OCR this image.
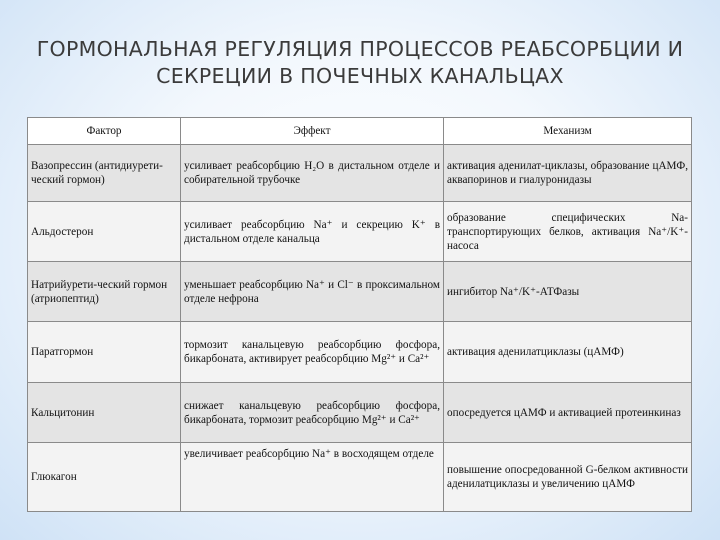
ГОРМОНАЛЬНАЯ РЕГУЛЯЦИЯ ПРОЦЕССОВ РЕАБСОРБЦИИ И
СЕКРЕЦИИ В ПОЧЕЧНЫХ КАНАЛЬЦАХ
Фактор	Эффект	Механизм
Вазопрессин (антидиурети-ческий гормон)	усиливает реабсорбцию H₂O в дистальном отделе и собирательной трубочке	активация аденилат-циклазы, образование цАМФ, аквапоринов и гиалуронидазы
Альдостерон	усиливает реабсорбцию Na⁺ и секрецию K⁺ в дистальном отделе канальца	образование специфических Na-транспортирующих белков, активация Na⁺/K⁺-насоса
Натрийурети-ческий гормон (атриопептид)	уменьшает реабсорбцию Na⁺ и Cl⁻ в проксимальном отделе нефрона	ингибитор Na⁺/K⁺-АТФазы
Паратгормон	тормозит канальцевую реабсорбцию фосфора, бикарбоната, активирует реабсорбцию Mg²⁺ и Ca²⁺	активация аденилатциклазы (цАМФ)
Кальцитонин	снижает канальцевую реабсорбцию фосфора, бикарбоната, тормозит реабсорбцию Mg²⁺ и Ca²⁺	опосредуется цАМФ и активацией протеинкиназ
Глюкагон	увеличивает реабсорбцию Na⁺ в восходящем отделе	повышение опосредованной G-белком активности аденилатциклазы и увеличению цАМФ
